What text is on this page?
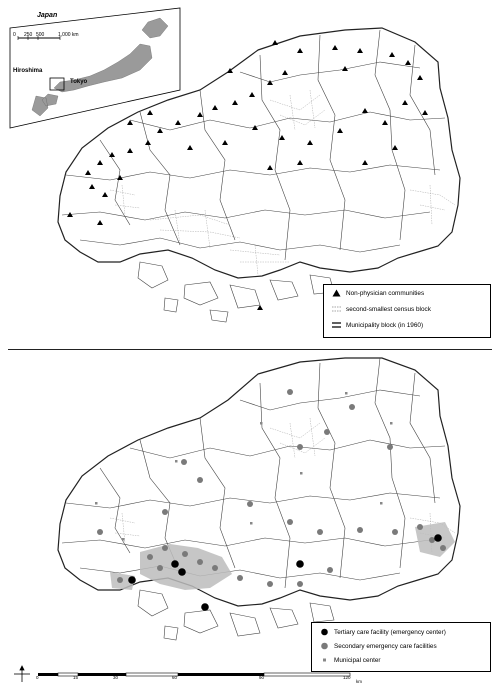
Japan
0 250 500	1,000 km
Hiroshima
Tokyo
Non-physician communities
second-smallest census block
Municipality block (in 1960)
Tertiary care facility (emergency center)
Secondary emergency care facilities
Municipal center
0	15	30	60	90	120
km
